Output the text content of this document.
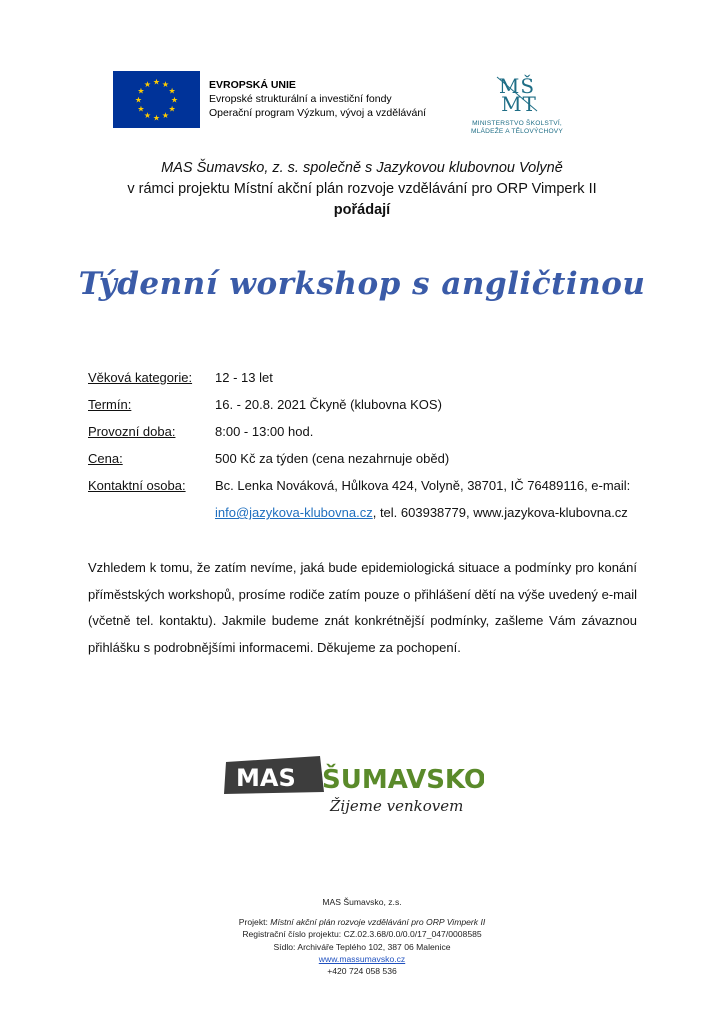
★ ★
★
★
★
★
★
★
★
★
★
★	EVROPSKÁ UNIE
Evropské strukturální a investiční fondy
Operační program Výzkum, vývoj a vzdělávání
MŠ
MT
MINISTERSTVO ŠKOLSTVÍ,
MLÁDEŽE A TĚLOVÝCHOVY
MAS Šumavsko, z. s. společně s Jazykovou klubovnou Volyně
v rámci projektu Místní akční plán rozvoje vzdělávání pro ORP Vimperk II
pořádají
Týdenní workshop s angličtinou
Věková kategorie:	12 - 13 let
Termín:	16. - 20.8. 2021 Čkyně (klubovna KOS)
Provozní doba:	8:00 - 13:00 hod.
Cena:	500 Kč za týden (cena nezahrnuje oběd)
Kontaktní osoba:	Bc. Lenka Nováková, Hůlkova 424, Volyně, 38701, IČ 76489116, e-mail:
info@jazykova-klubovna.cz, tel. 603938779, www.jazykova-klubovna.cz
Vzhledem k tomu, že zatím nevíme, jaká bude epidemiologická situace a podmínky pro konání příměstských workshopů, prosíme rodiče zatím pouze o přihlášení dětí na výše uvedený e-mail (včetně tel. kontaktu). Jakmile budeme znát konkrétnější podmínky, zašleme Vám závaznou přihlášku s podrobnějšími informacemi. Děkujeme za pochopení.
MAS ŠUMAVSKO
Žijeme venkovem
MAS Šumavsko, z.s.
Projekt: Místní akční plán rozvoje vzdělávání pro ORP Vimperk II
Registrační číslo projektu: CZ.02.3.68/0.0/0.0/17_047/0008585
Sídlo: Archiváře Teplého 102, 387 06 Malenice
www.massumavsko.cz
+420 724 058 536
